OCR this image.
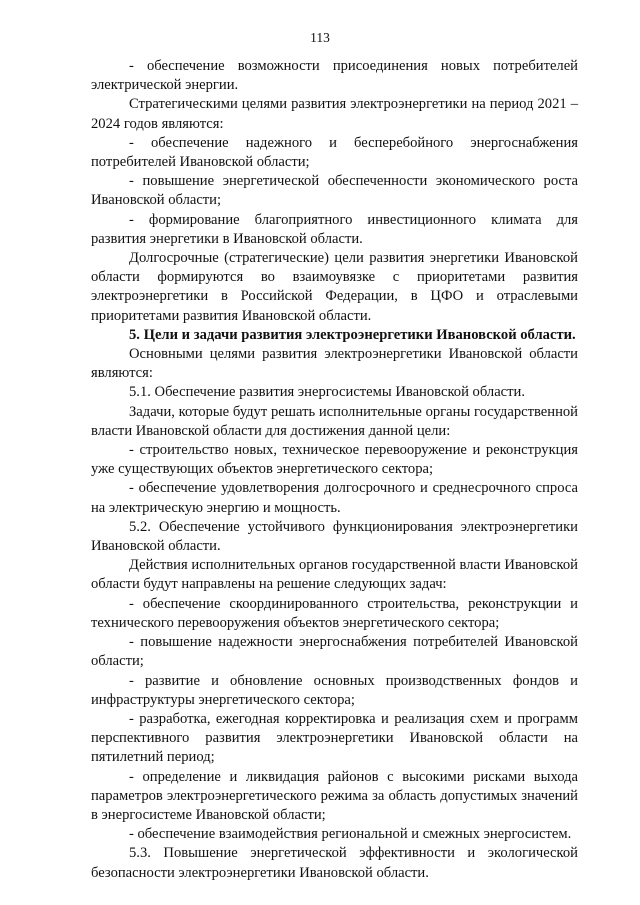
113

- обеспечение возможности присоединения новых потребителей электрической энергии.

Стратегическими целями развития электроэнергетики на период 2021 – 2024 годов являются:

- обеспечение надежного и бесперебойного энергоснабжения потребителей Ивановской области;

- повышение энергетической обеспеченности экономического роста Ивановской области;

- формирование благоприятного инвестиционного климата для развития энергетики в Ивановской области.

Долгосрочные (стратегические) цели развития энергетики Ивановской области формируются во взаимоувязке с приоритетами развития электроэнергетики в Российской Федерации, в ЦФО и отраслевыми приоритетами развития Ивановской области.

5. Цели и задачи развития электроэнергетики Ивановской области.

Основными целями развития электроэнергетики Ивановской области являются:

5.1. Обеспечение развития энергосистемы Ивановской области.

Задачи, которые будут решать исполнительные органы государственной власти Ивановской области для достижения данной цели:

- строительство новых, техническое перевооружение и реконструкция уже существующих объектов энергетического сектора;

- обеспечение удовлетворения долгосрочного и среднесрочного спроса на электрическую энергию и мощность.

5.2. Обеспечение устойчивого функционирования электроэнергетики Ивановской области.

Действия исполнительных органов государственной власти Ивановской области будут направлены на решение следующих задач:

- обеспечение скоординированного строительства, реконструкции и технического перевооружения объектов энергетического сектора;

- повышение надежности энергоснабжения потребителей Ивановской области;

- развитие и обновление основных производственных фондов и инфраструктуры энергетического сектора;

- разработка, ежегодная корректировка и реализация схем и программ перспективного развития электроэнергетики Ивановской области на пятилетний период;

- определение и ликвидация районов с высокими рисками выхода параметров электроэнергетического режима за область допустимых значений в энергосистеме Ивановской области;

- обеспечение взаимодействия региональной и смежных энергосистем.

5.3. Повышение энергетической эффективности и экологической безопасности электроэнергетики Ивановской области.
